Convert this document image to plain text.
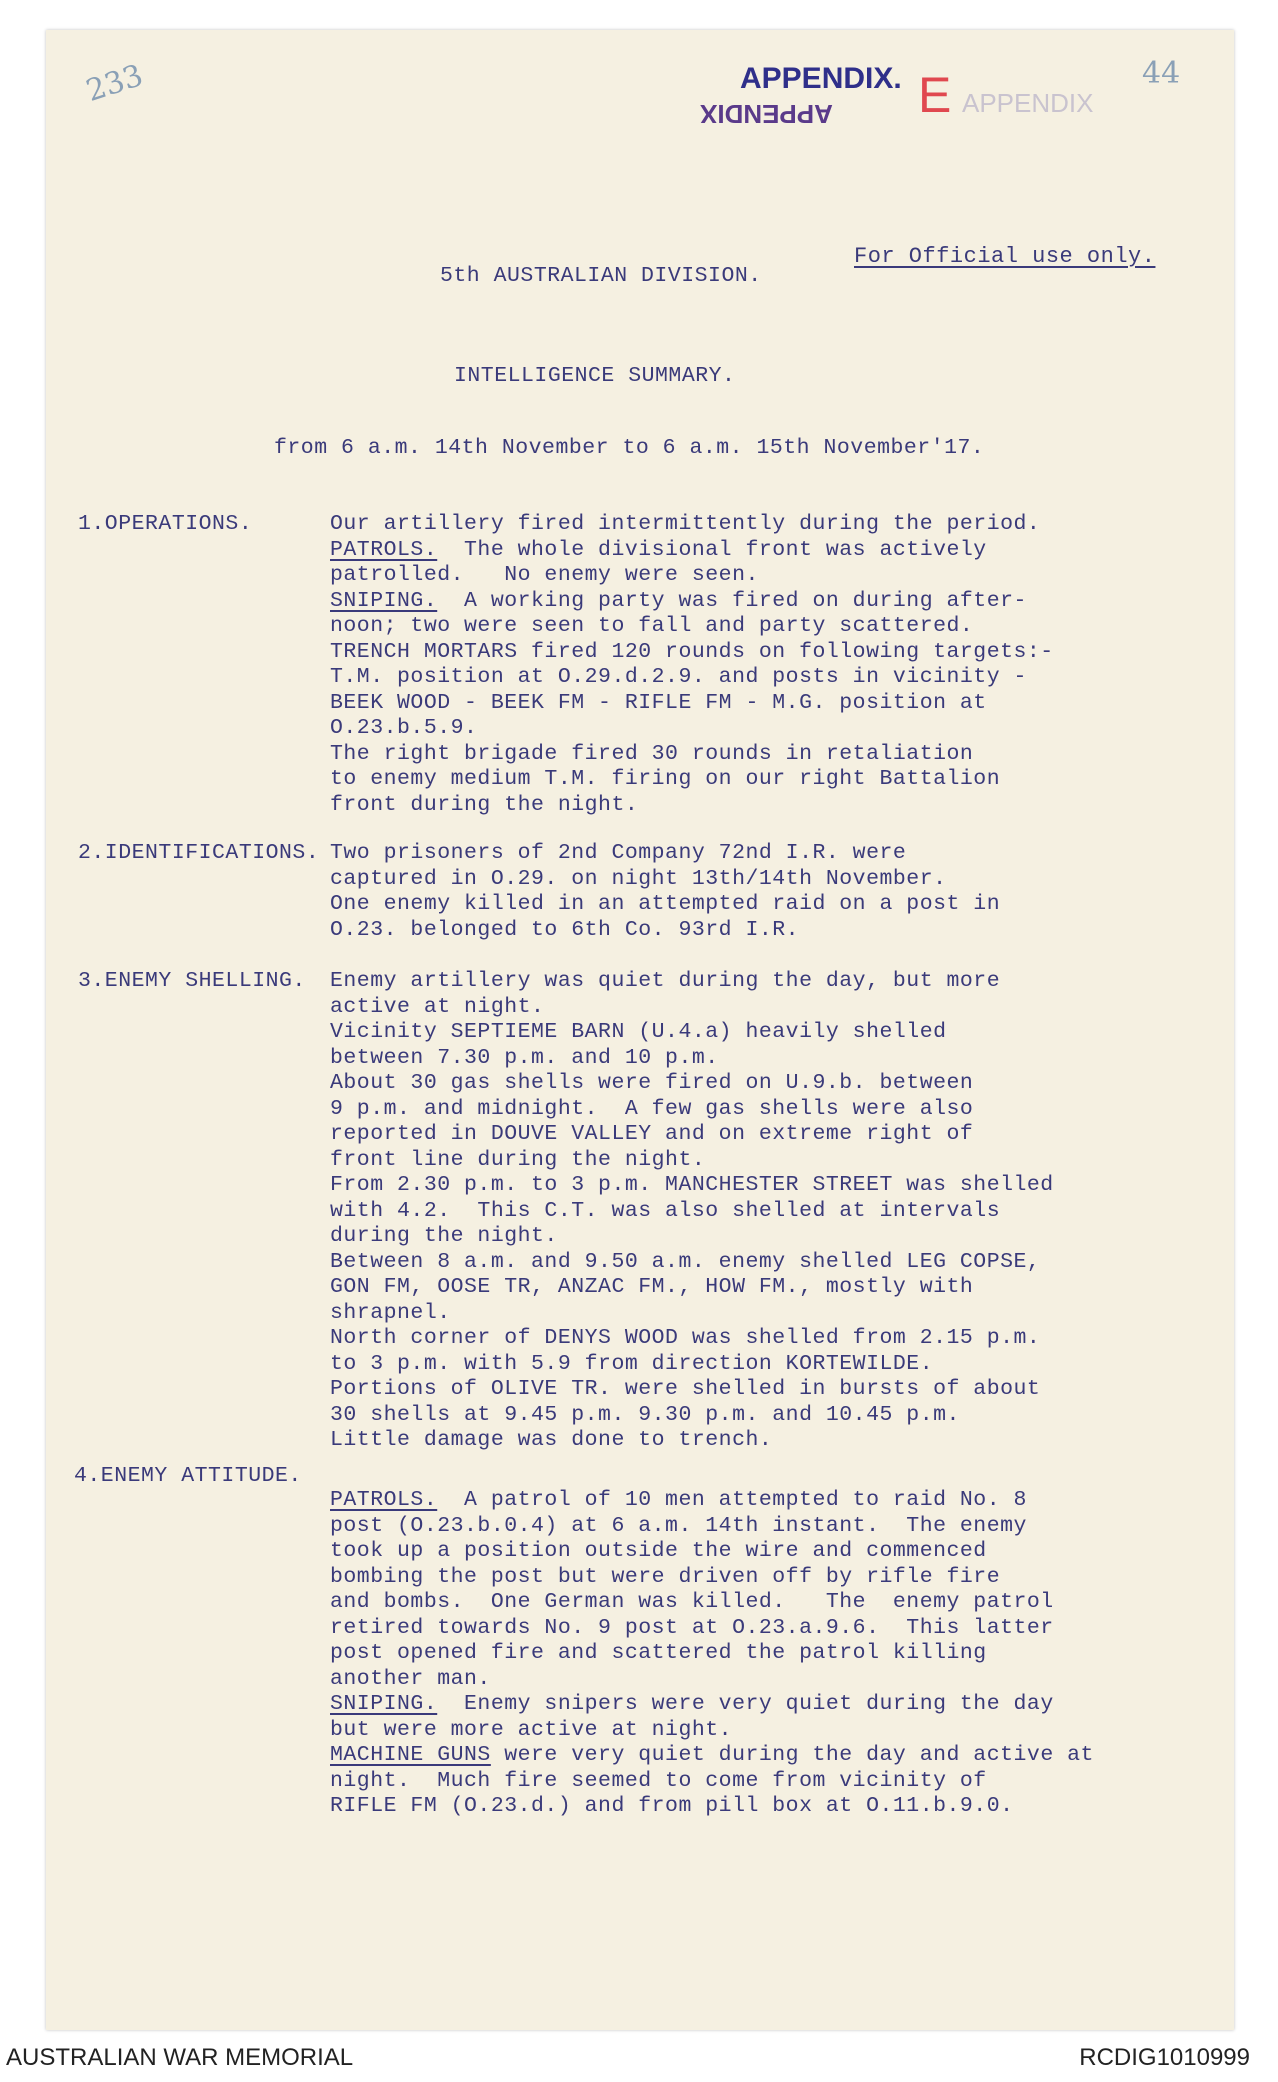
233	44
APPENDIX.
APPENDIX E APPENDIX
5th AUSTRALIAN DIVISION.
For Official use only.
INTELLIGENCE SUMMARY.
from 6 a.m. 14th November to 6 a.m. 15th November'17.
1.OPERATIONS.	Our artillery fired intermittently during the period.
PATROLS.  The whole divisional front was actively
patrolled.   No enemy were seen.
SNIPING.  A working party was fired on during after-
noon; two were seen to fall and party scattered.
TRENCH MORTARS fired 120 rounds on following targets:-
T.M. position at O.29.d.2.9. and posts in vicinity -
BEEK WOOD - BEEK FM - RIFLE FM - M.G. position at
O.23.b.5.9.
The right brigade fired 30 rounds in retaliation
to enemy medium T.M. firing on our right Battalion
front during the night.
2.IDENTIFICATIONS. Two prisoners of 2nd Company 72nd I.R. were
captured in O.29. on night 13th/14th November.
One enemy killed in an attempted raid on a post in
O.23. belonged to 6th Co. 93rd I.R.
3.ENEMY SHELLING. Enemy artillery was quiet during the day, but more
active at night.
Vicinity SEPTIEME BARN (U.4.a) heavily shelled
between 7.30 p.m. and 10 p.m.
About 30 gas shells were fired on U.9.b. between
9 p.m. and midnight.  A few gas shells were also
reported in DOUVE VALLEY and on extreme right of
front line during the night.
From 2.30 p.m. to 3 p.m. MANCHESTER STREET was shelled
with 4.2.  This C.T. was also shelled at intervals
during the night.
Between 8 a.m. and 9.50 a.m. enemy shelled LEG COPSE,
GON FM, OOSE TR, ANZAC FM., HOW FM., mostly with
shrapnel.
North corner of DENYS WOOD was shelled from 2.15 p.m.
to 3 p.m. with 5.9 from direction KORTEWILDE.
Portions of OLIVE TR. were shelled in bursts of about
30 shells at 9.45 p.m. 9.30 p.m. and 10.45 p.m.
Little damage was done to trench.
4.ENEMY ATTITUDE.
PATROLS.  A patrol of 10 men attempted to raid No. 8
post (O.23.b.0.4) at 6 a.m. 14th instant.  The enemy
took up a position outside the wire and commenced
bombing the post but were driven off by rifle fire
and bombs.  One German was killed.   The  enemy patrol
retired towards No. 9 post at O.23.a.9.6.  This latter
post opened fire and scattered the patrol killing
another man.
SNIPING.  Enemy snipers were very quiet during the day
but were more active at night.
MACHINE GUNS were very quiet during the day and active at
night.  Much fire seemed to come from vicinity of
RIFLE FM (O.23.d.) and from pill box at O.11.b.9.0.
AUSTRALIAN WAR MEMORIAL	RCDIG1010999
